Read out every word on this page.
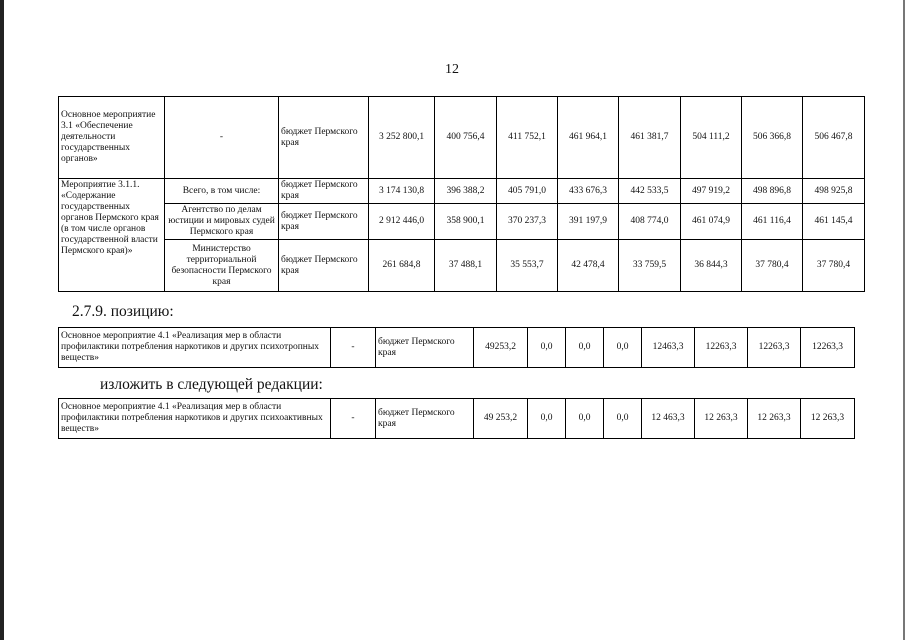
12
Основное мероприятие 3.1 «Обеспечение деятельности государственных органов»	-	бюджет Пермского края	3 252 800,1	400 756,4	411 752,1	461 964,1	461 381,7	504 111,2	506 366,8	506 467,8
Мероприятие 3.1.1. «Содержание государственных органов Пермского края (в том числе органов государственной власти Пермского края)»	Всего, в том числе:	бюджет Пермского края	3 174 130,8	396 388,2	405 791,0	433 676,3	442 533,5	497 919,2	498 896,8	498 925,8
	Агентство по делам юстиции и мировых судей Пермского края	бюджет Пермского края	2 912 446,0	358 900,1	370 237,3	391 197,9	408 774,0	461 074,9	461 116,4	461 145,4
	Министерство территориальной безопасности Пермского края	бюджет Пермского края	261 684,8	37 488,1	35 553,7	42 478,4	33 759,5	36 844,3	37 780,4	37 780,4
2.7.9. позицию:
Основное мероприятие 4.1 «Реализация мер в области профилактики потребления наркотиков и других психотропных веществ»	-	бюджет Пермского края	49253,2	0,0	0,0	0,0	12463,3	12263,3	12263,3	12263,3
изложить в следующей редакции:
Основное мероприятие 4.1 «Реализация мер в области профилактики потребления наркотиков и других психоактивных веществ»	-	бюджет Пермского края	49 253,2	0,0	0,0	0,0	12 463,3	12 263,3	12 263,3	12 263,3
